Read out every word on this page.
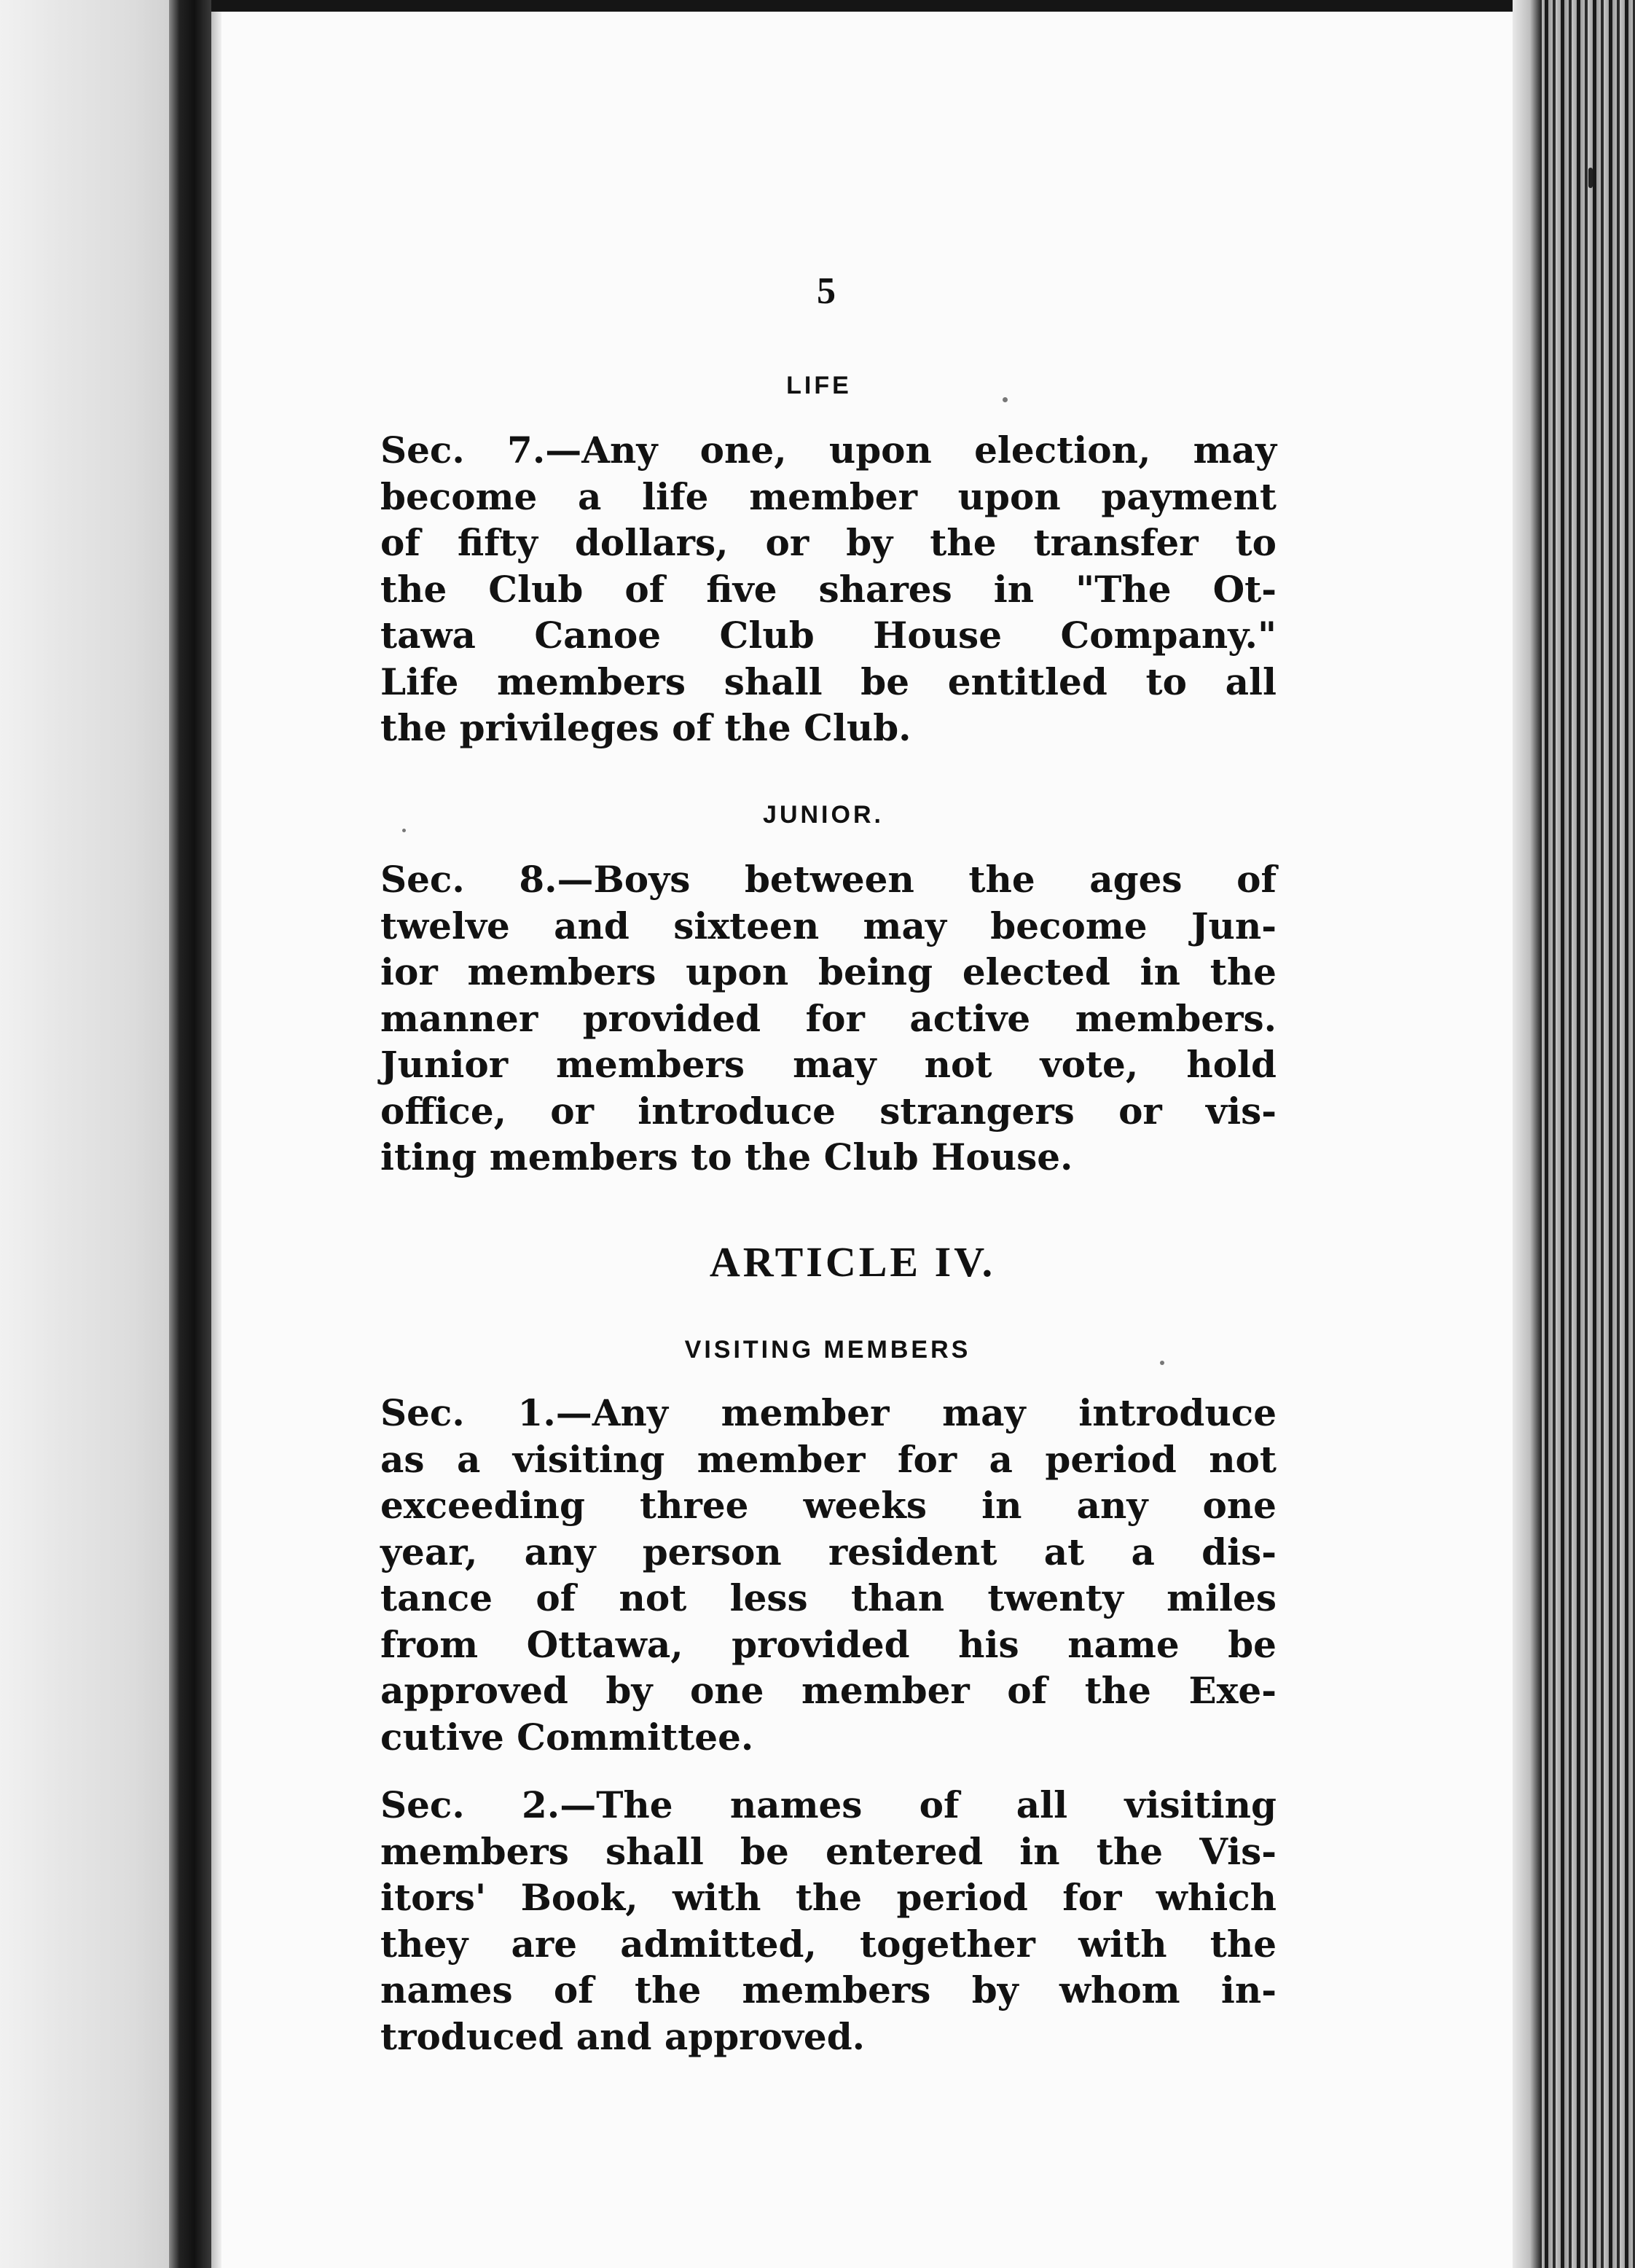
5
LIFE
Sec. 7.—Any one, upon election, may
become a life member upon payment
of fifty dollars, or by the transfer to
the Club of five shares in "The Ot-
tawa Canoe Club House Company."
Life members shall be entitled to all
the privileges of the Club.
JUNIOR.
Sec. 8.—Boys between the ages of
twelve and sixteen may become Jun-
ior members upon being elected in the
manner provided for active members.
Junior members may not vote, hold
office, or introduce strangers or vis-
iting members to the Club House.
ARTICLE IV.
VISITING MEMBERS
Sec. 1.—Any member may introduce
as a visiting member for a period not
exceeding three weeks in any one
year, any person resident at a dis-
tance of not less than twenty miles
from Ottawa, provided his name be
approved by one member of the Exe-
cutive Committee.
Sec. 2.—The names of all visiting
members shall be entered in the Vis-
itors' Book, with the period for which
they are admitted, together with the
names of the members by whom in-
troduced and approved.
